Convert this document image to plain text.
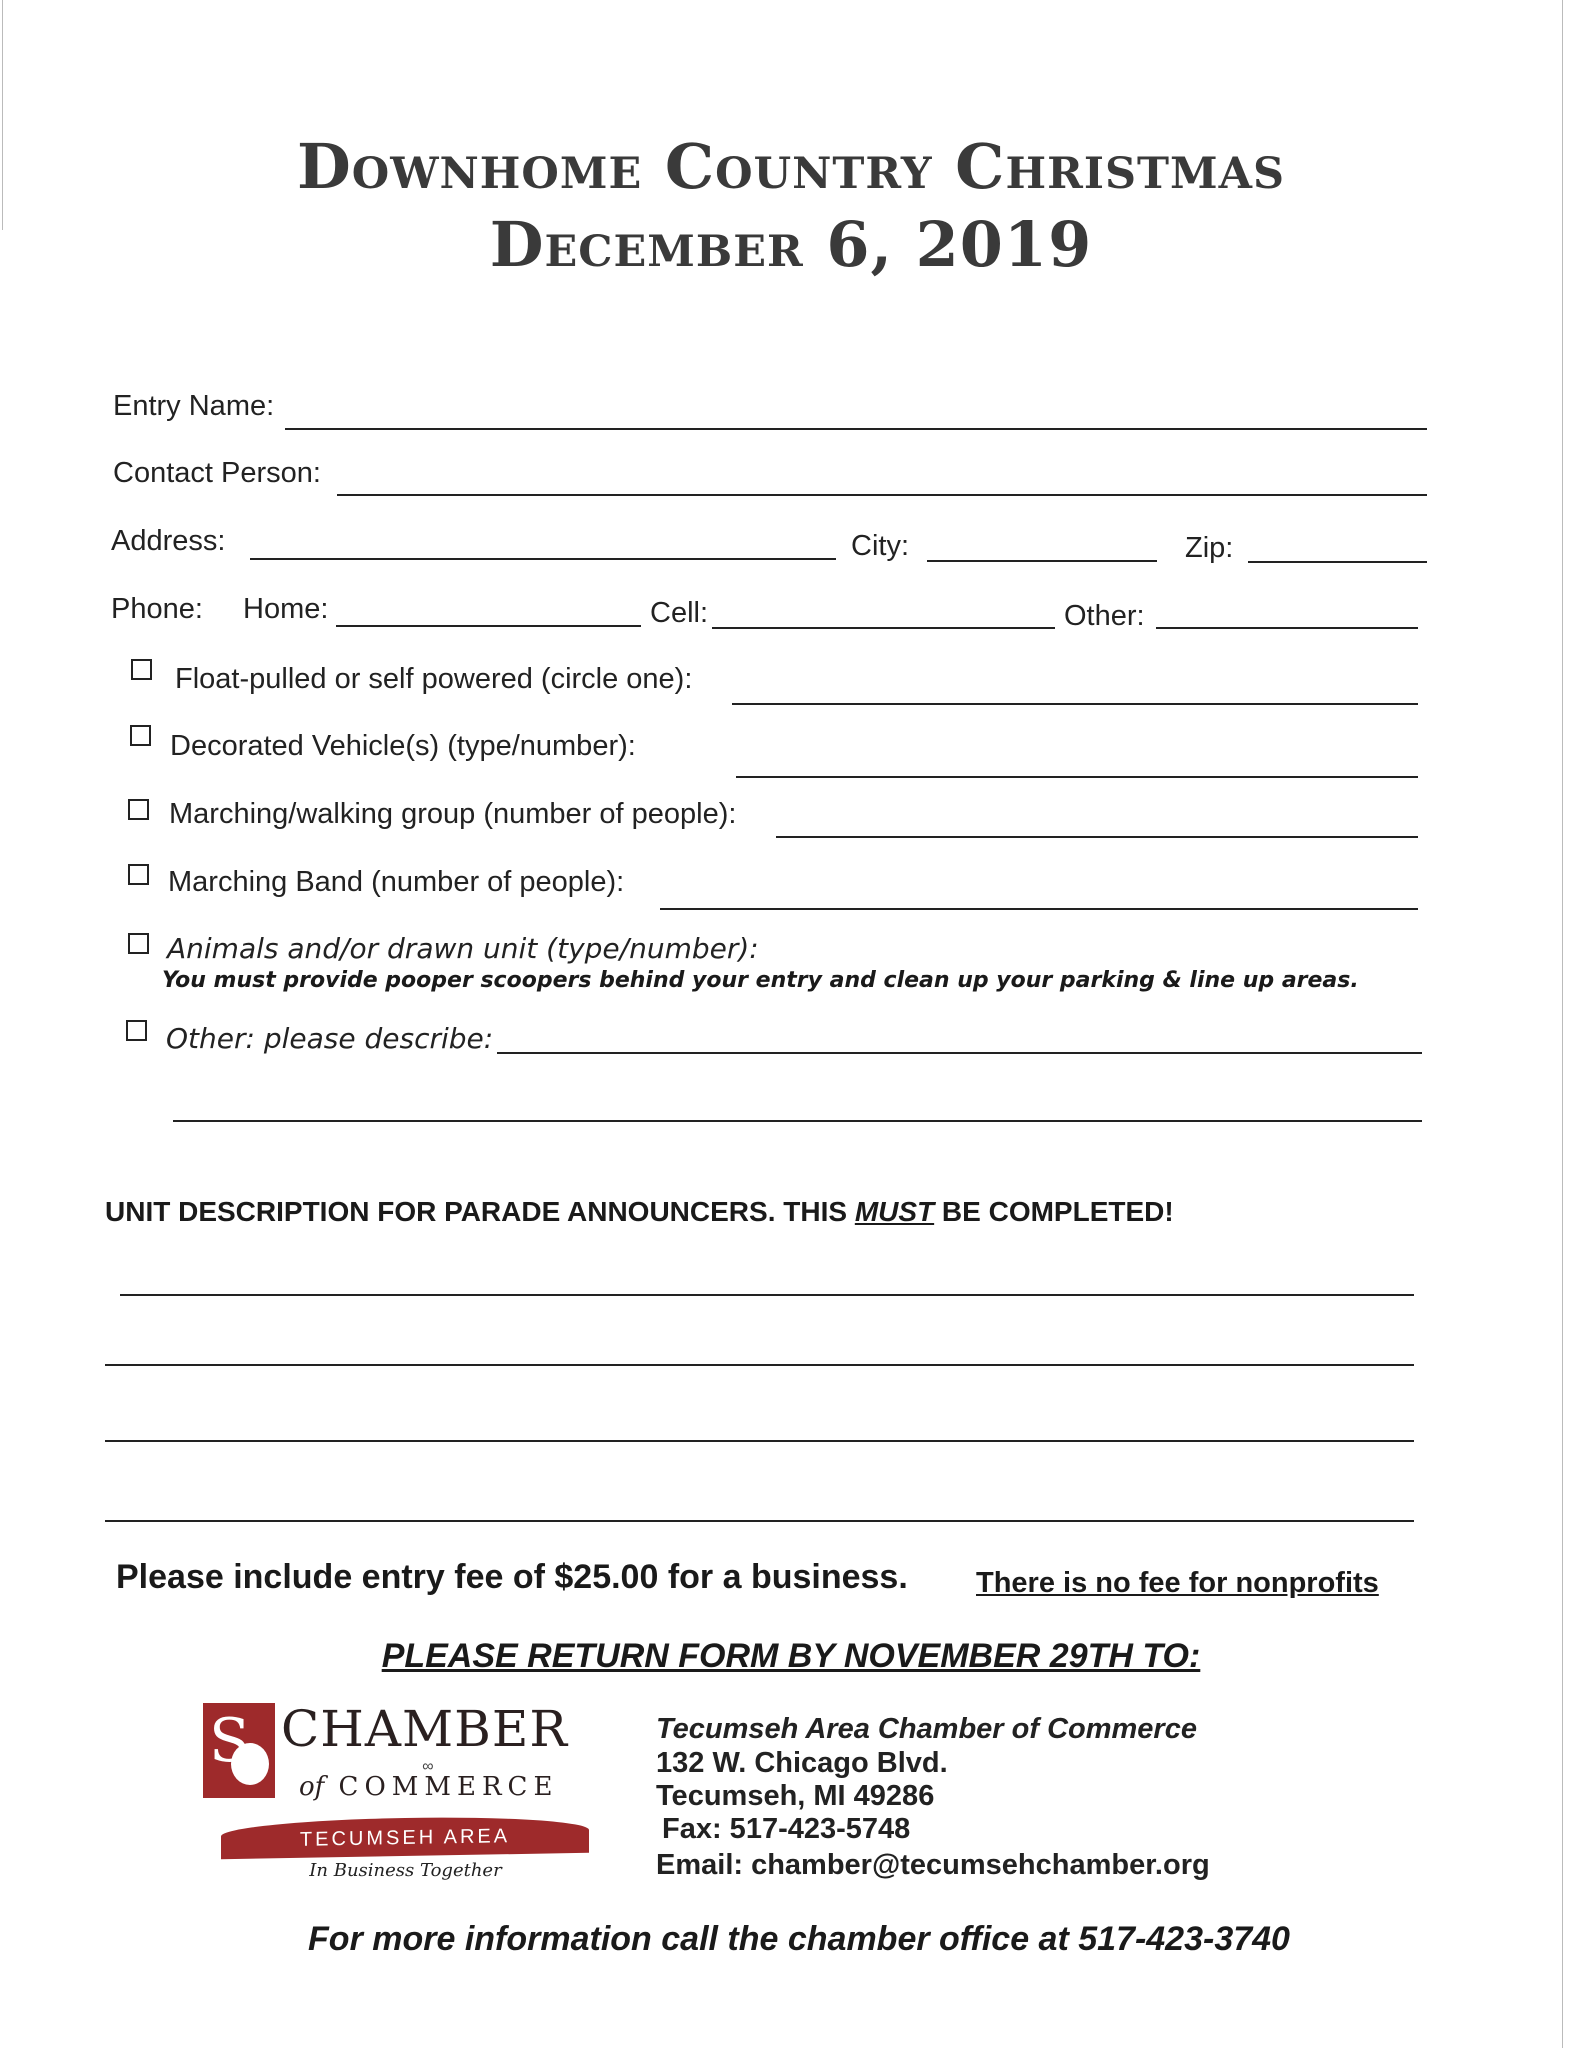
Downhome Country Christmas
December 6, 2019
Entry Name:
Contact Person:
Address:	City:	Zip:
Phone: Home:	Cell:	Other:
Float-pulled or self powered (circle one):
Decorated Vehicle(s) (type/number):
Marching/walking group (number of people):
Marching Band (number of people):
Animals and/or drawn unit (type/number):
You must provide pooper scoopers behind your entry and clean up your parking & line up areas.
Other: please describe:
UNIT DESCRIPTION FOR PARADE ANNOUNCERS. THIS MUST BE COMPLETED!
Please include entry fee of $25.00 for a business. There is no fee for nonprofits
PLEASE RETURN FORM BY NOVEMBER 29TH TO:
S CHAMBER
∞
of COMMERCE
TECUMSEH AREA
In Business Together
Tecumseh Area Chamber of Commerce
132 W. Chicago Blvd.
Tecumseh, MI 49286
Fax: 517-423-5748
Email: chamber@tecumsehchamber.org
For more information call the chamber office at 517-423-3740
